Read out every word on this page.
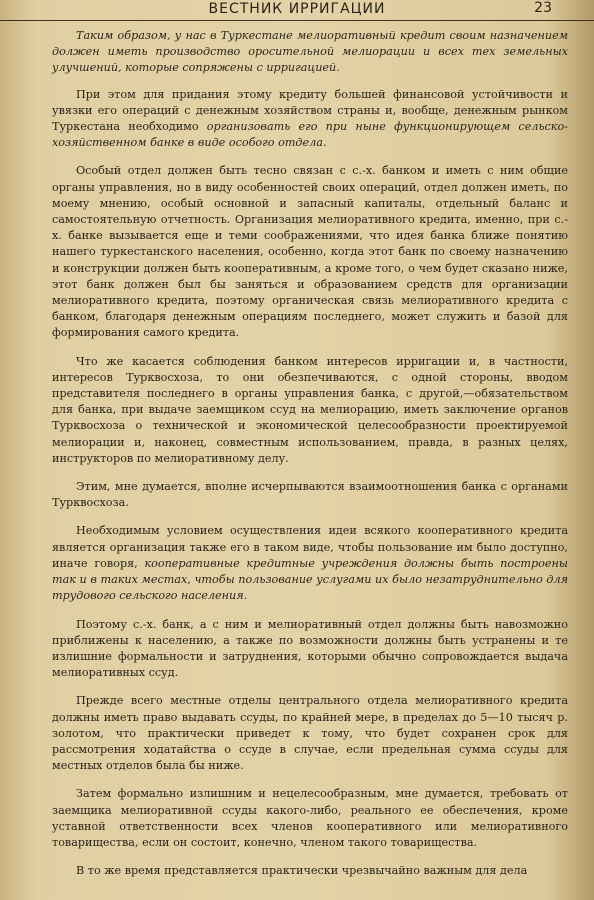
ВЕСТНИК ИРРИГАЦИИ	23

Таким образом, у нас в Туркестане мелиоративный кредит своим назначением должен иметь производство оросительной мелиорации и всех тех земельных улучшений, которые сопряжены с ирригацией.

При этом для придания этому кредиту большей финансовой устойчивости и увязки его операций с денежным хозяйством страны и, вообще, денежным рынком Туркестана необходимо организовать его при ныне функционирующем сельско-хозяйственном банке в виде особого отдела.

Особый отдел должен быть тесно связан с с.-х. банком и иметь с ним общие органы управления, но в виду особенностей своих операций, отдел должен иметь, по моему мнению, особый основной и запасный капиталы, отдельный баланс и самостоятельную отчетность. Организация мелиоративного кредита, именно, при с.-х. банке вызывается еще и теми соображениями, что идея банка ближе понятию нашего туркестанского населения, особенно, когда этот банк по своему назначению и конструкции должен быть кооперативным, а кроме того, о чем будет сказано ниже, этот банк должен был бы заняться и образованием средств для организации мелиоративного кредита, поэтому органическая связь мелиоративного кредита с банком, благодаря денежным операциям последнего, может служить и базой для формирования самого кредита.

Что же касается соблюдения банком интересов ирригации и, в частности, интересов Турквосхоза, то они обезпечиваются, с одной стороны, вводом представителя последнего в органы управления банка, с другой,—обязательством для банка, при выдаче заемщиком ссуд на мелиорацию, иметь заключение органов Турквосхоза о технической и экономической целесообразности проектируемой мелиорации и, наконец, совместным использованием, правда, в разных целях, инструкторов по мелиоративному делу.

Этим, мне думается, вполне исчерпываются взаимоотношения банка с органами Турквосхоза.

Необходимым условием осуществления идеи всякого кооперативного кредита является организация также его в таком виде, чтобы пользование им было доступно, иначе говоря, кооперативные кредитные учреждения должны быть построены так и в таких местах, чтобы пользование услугами их было незатруднительно для трудового сельского населения.

Поэтому с.-х. банк, а с ним и мелиоративный отдел должны быть навозможно приближены к населению, а также по возможности должны быть устранены и те излишние формальности и затруднения, которыми обычно сопровождается выдача мелиоративных ссуд.

Прежде всего местные отделы центрального отдела мелиоративного кредита должны иметь право выдавать ссуды, по крайней мере, в пределах до 5—10 тысяч р. золотом, что практически приведет к тому, что будет сохранен срок для рассмотрения ходатайства о ссуде в случае, если предельная сумма ссуды для местных отделов была бы ниже.

Затем формально излишним и нецелесообразным, мне думается, требовать от заемщика мелиоративной ссуды какого-либо, реального ее обеспечения, кроме уставной ответственности всех членов кооперативного или мелиоративного товарищества, если он состоит, конечно, членом такого товарищества.

В то же время представляется практически чрезвычайно важным для дела
